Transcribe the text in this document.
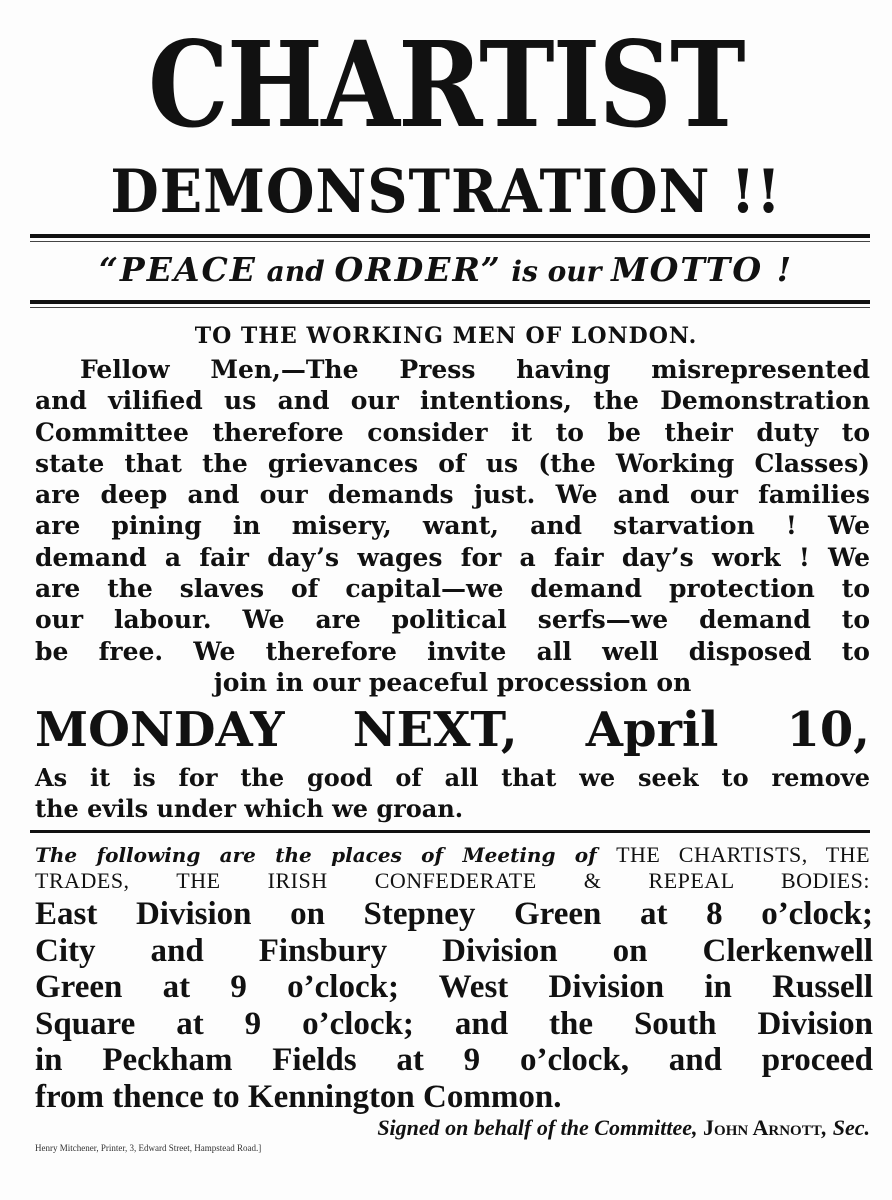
CHARTIST
DEMONSTRATION !!
“PEACE and ORDER” is our MOTTO !
TO THE WORKING MEN OF LONDON.
Fellow Men,—The Press having misrepresented
and vilified us and our intentions, the Demonstration
Committee therefore consider it to be their duty to
state that the grievances of us (the Working Classes)
are deep and our demands just. We and our families
are pining in misery, want, and starvation ! We
demand a fair day’s wages for a fair day’s work ! We
are the slaves of capital—we demand protection to
our labour. We are political serfs—we demand to
be free. We therefore invite all well disposed to
join in our peaceful procession on
MONDAY NEXT, April 10,
As it is for the good of all that we seek to remove
the evils under which we groan.
The following are the places of Meeting of THE CHARTISTS, THE
TRADES, THE IRISH CONFEDERATE & REPEAL BODIES:
East Division on Stepney Green at 8 o’clock;
City and Finsbury Division on Clerkenwell
Green at 9 o’clock; West Division in Russell
Square at 9 o’clock; and the South Division
in Peckham Fields at 9 o’clock, and proceed
from thence to Kennington Common.
Signed on behalf of the Committee, John Arnott, Sec.
Henry Mitchener, Printer, 3, Edward Street, Hampstead Road.]
